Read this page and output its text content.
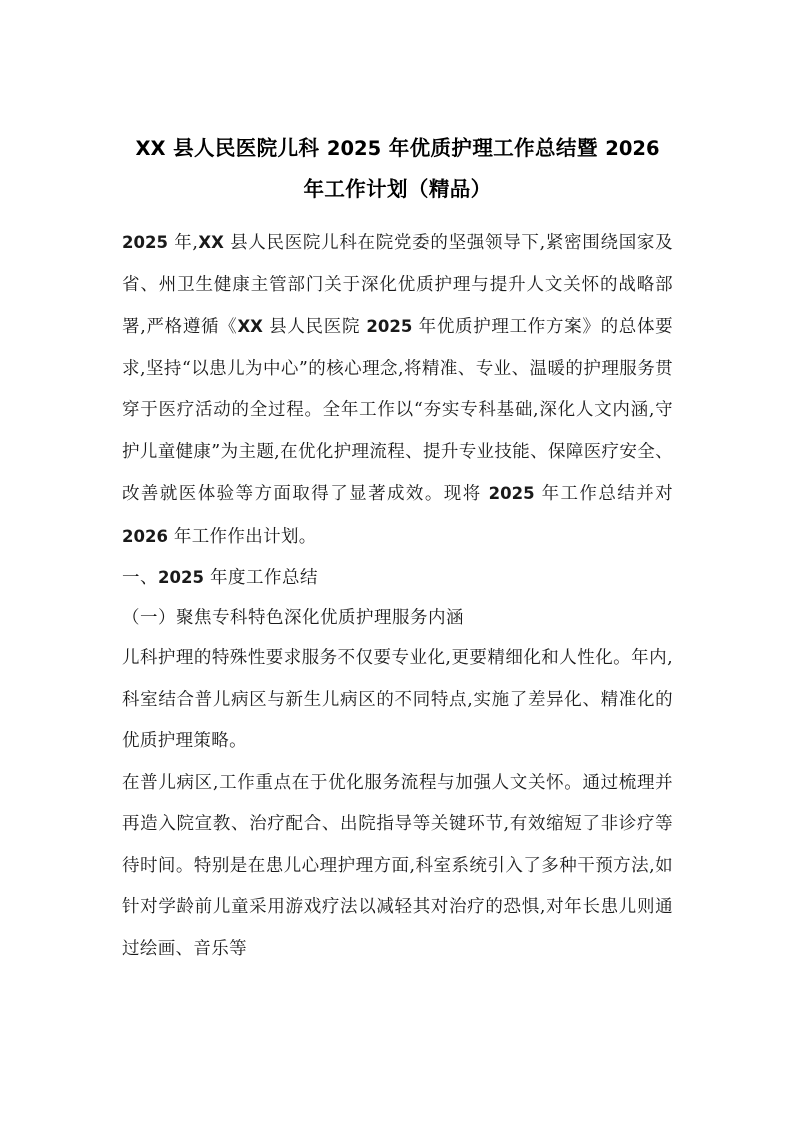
XX 县人民医院儿科 2025 年优质护理工作总结暨 2026
年工作计划（精品）

2025 年,XX 县人民医院儿科在院党委的坚强领导下,紧密围绕国家及省、州卫生健康主管部门关于深化优质护理与提升人文关怀的战略部署,严格遵循《XX 县人民医院 2025 年优质护理工作方案》的总体要求,坚持“以患儿为中心”的核心理念,将精准、专业、温暖的护理服务贯穿于医疗活动的全过程。全年工作以“夯实专科基础,深化人文内涵,守护儿童健康”为主题,在优化护理流程、提升专业技能、保障医疗安全、改善就医体验等方面取得了显著成效。现将 2025 年工作总结并对 2026 年工作作出计划。

一、2025 年度工作总结

（一）聚焦专科特色深化优质护理服务内涵

儿科护理的特殊性要求服务不仅要专业化,更要精细化和人性化。年内,科室结合普儿病区与新生儿病区的不同特点,实施了差异化、精准化的优质护理策略。

在普儿病区,工作重点在于优化服务流程与加强人文关怀。通过梳理并再造入院宣教、治疗配合、出院指导等关键环节,有效缩短了非诊疗等待时间。特别是在患儿心理护理方面,科室系统引入了多种干预方法,如针对学龄前儿童采用游戏疗法以减轻其对治疗的恐惧,对年长患儿则通过绘画、音乐等
